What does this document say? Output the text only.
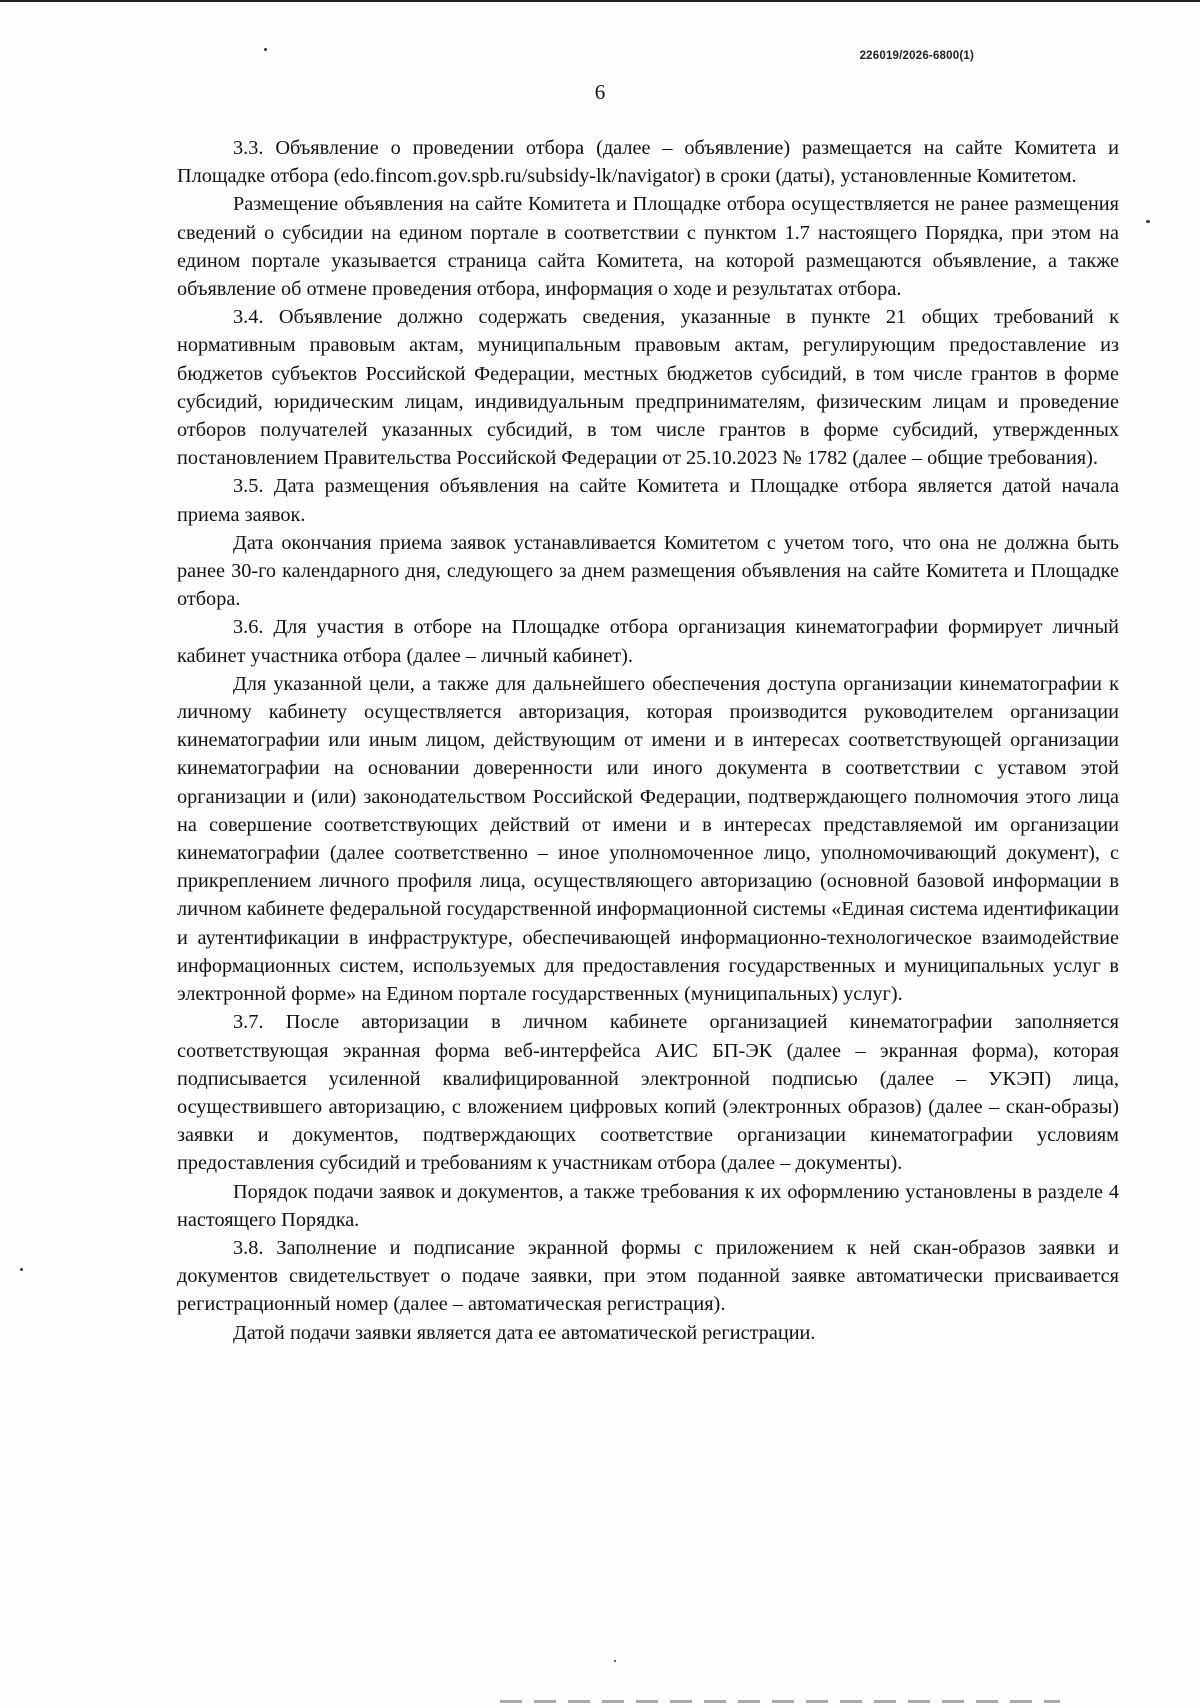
226019/2026-6800(1)
6

3.3. Объявление о проведении отбора (далее – объявление) размещается на сайте Комитета и Площадке отбора (edo.fincom.gov.spb.ru/subsidy-lk/navigator) в сроки (даты), установленные Комитетом.

Размещение объявления на сайте Комитета и Площадке отбора осуществляется не ранее размещения сведений о субсидии на едином портале в соответствии с пунктом 1.7 настоящего Порядка, при этом на едином портале указывается страница сайта Комитета, на которой размещаются объявление, а также объявление об отмене проведения отбора, информация о ходе и результатах отбора.

3.4. Объявление должно содержать сведения, указанные в пункте 21 общих требований к нормативным правовым актам, муниципальным правовым актам, регулирующим предоставление из бюджетов субъектов Российской Федерации, местных бюджетов субсидий, в том числе грантов в форме субсидий, юридическим лицам, индивидуальным предпринимателям, физическим лицам и проведение отборов получателей указанных субсидий, в том числе грантов в форме субсидий, утвержденных постановлением Правительства Российской Федерации от 25.10.2023 № 1782 (далее – общие требования).

3.5. Дата размещения объявления на сайте Комитета и Площадке отбора является датой начала приема заявок.

Дата окончания приема заявок устанавливается Комитетом с учетом того, что она не должна быть ранее 30-го календарного дня, следующего за днем размещения объявления на сайте Комитета и Площадке отбора.

3.6. Для участия в отборе на Площадке отбора организация кинематографии формирует личный кабинет участника отбора (далее – личный кабинет).

Для указанной цели, а также для дальнейшего обеспечения доступа организации кинематографии к личному кабинету осуществляется авторизация, которая производится руководителем организации кинематографии или иным лицом, действующим от имени и в интересах соответствующей организации кинематографии на основании доверенности или иного документа в соответствии с уставом этой организации и (или) законодательством Российской Федерации, подтверждающего полномочия этого лица на совершение соответствующих действий от имени и в интересах представляемой им организации кинематографии (далее соответственно – иное уполномоченное лицо, уполномочивающий документ), с прикреплением личного профиля лица, осуществляющего авторизацию (основной базовой информации в личном кабинете федеральной государственной информационной системы «Единая система идентификации и аутентификации в инфраструктуре, обеспечивающей информационно-технологическое взаимодействие информационных систем, используемых для предоставления государственных и муниципальных услуг в электронной форме» на Едином портале государственных (муниципальных) услуг).

3.7. После авторизации в личном кабинете организацией кинематографии заполняется соответствующая экранная форма веб-интерфейса АИС БП-ЭК (далее – экранная форма), которая подписывается усиленной квалифицированной электронной подписью (далее – УКЭП) лица, осуществившего авторизацию, с вложением цифровых копий (электронных образов) (далее – скан-образы) заявки и документов, подтверждающих соответствие организации кинематографии условиям предоставления субсидий и требованиям к участникам отбора (далее – документы).

Порядок подачи заявок и документов, а также требования к их оформлению установлены в разделе 4 настоящего Порядка.

3.8. Заполнение и подписание экранной формы с приложением к ней скан-образов заявки и документов свидетельствует о подаче заявки, при этом поданной заявке автоматически присваивается регистрационный номер (далее – автоматическая регистрация).

Датой подачи заявки является дата ее автоматической регистрации.
